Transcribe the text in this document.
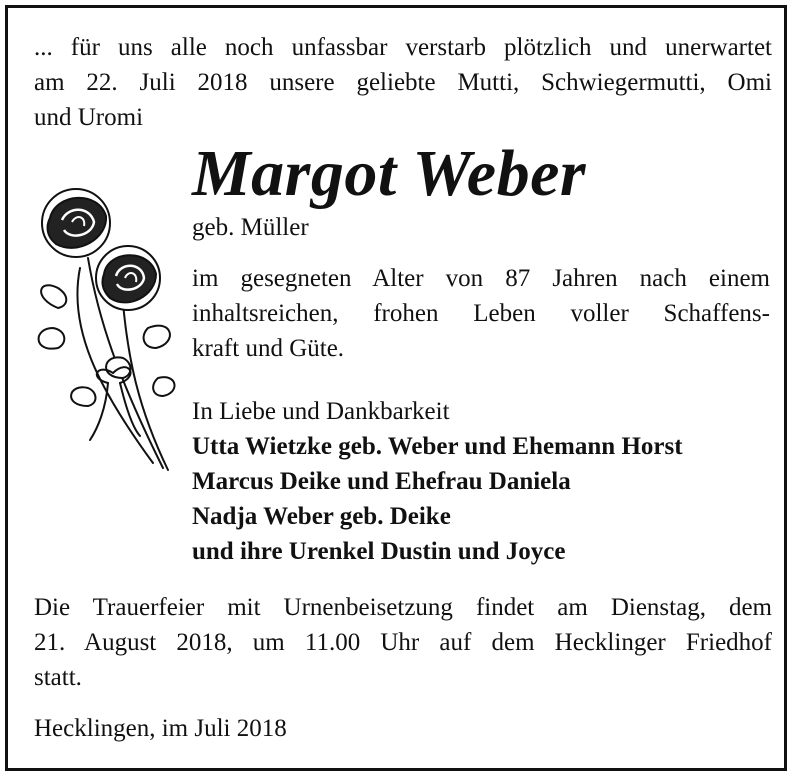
... für uns alle noch unfassbar verstarb plötzlich und unerwartet
am 22. Juli 2018 unsere geliebte Mutti, Schwiegermutti, Omi
und Uromi
Margot Weber
geb. Müller
im gesegneten Alter von 87 Jahren nach einem
inhaltsreichen, frohen Leben voller Schaffens-
kraft und Güte.
In Liebe und Dankbarkeit
Utta Wietzke geb. Weber und Ehemann Horst
Marcus Deike und Ehefrau Daniela
Nadja Weber geb. Deike
und ihre Urenkel Dustin und Joyce
Die Trauerfeier mit Urnenbeisetzung findet am Dienstag, dem
21. August 2018, um 11.00 Uhr auf dem Hecklinger Friedhof
statt.
Hecklingen, im Juli 2018
